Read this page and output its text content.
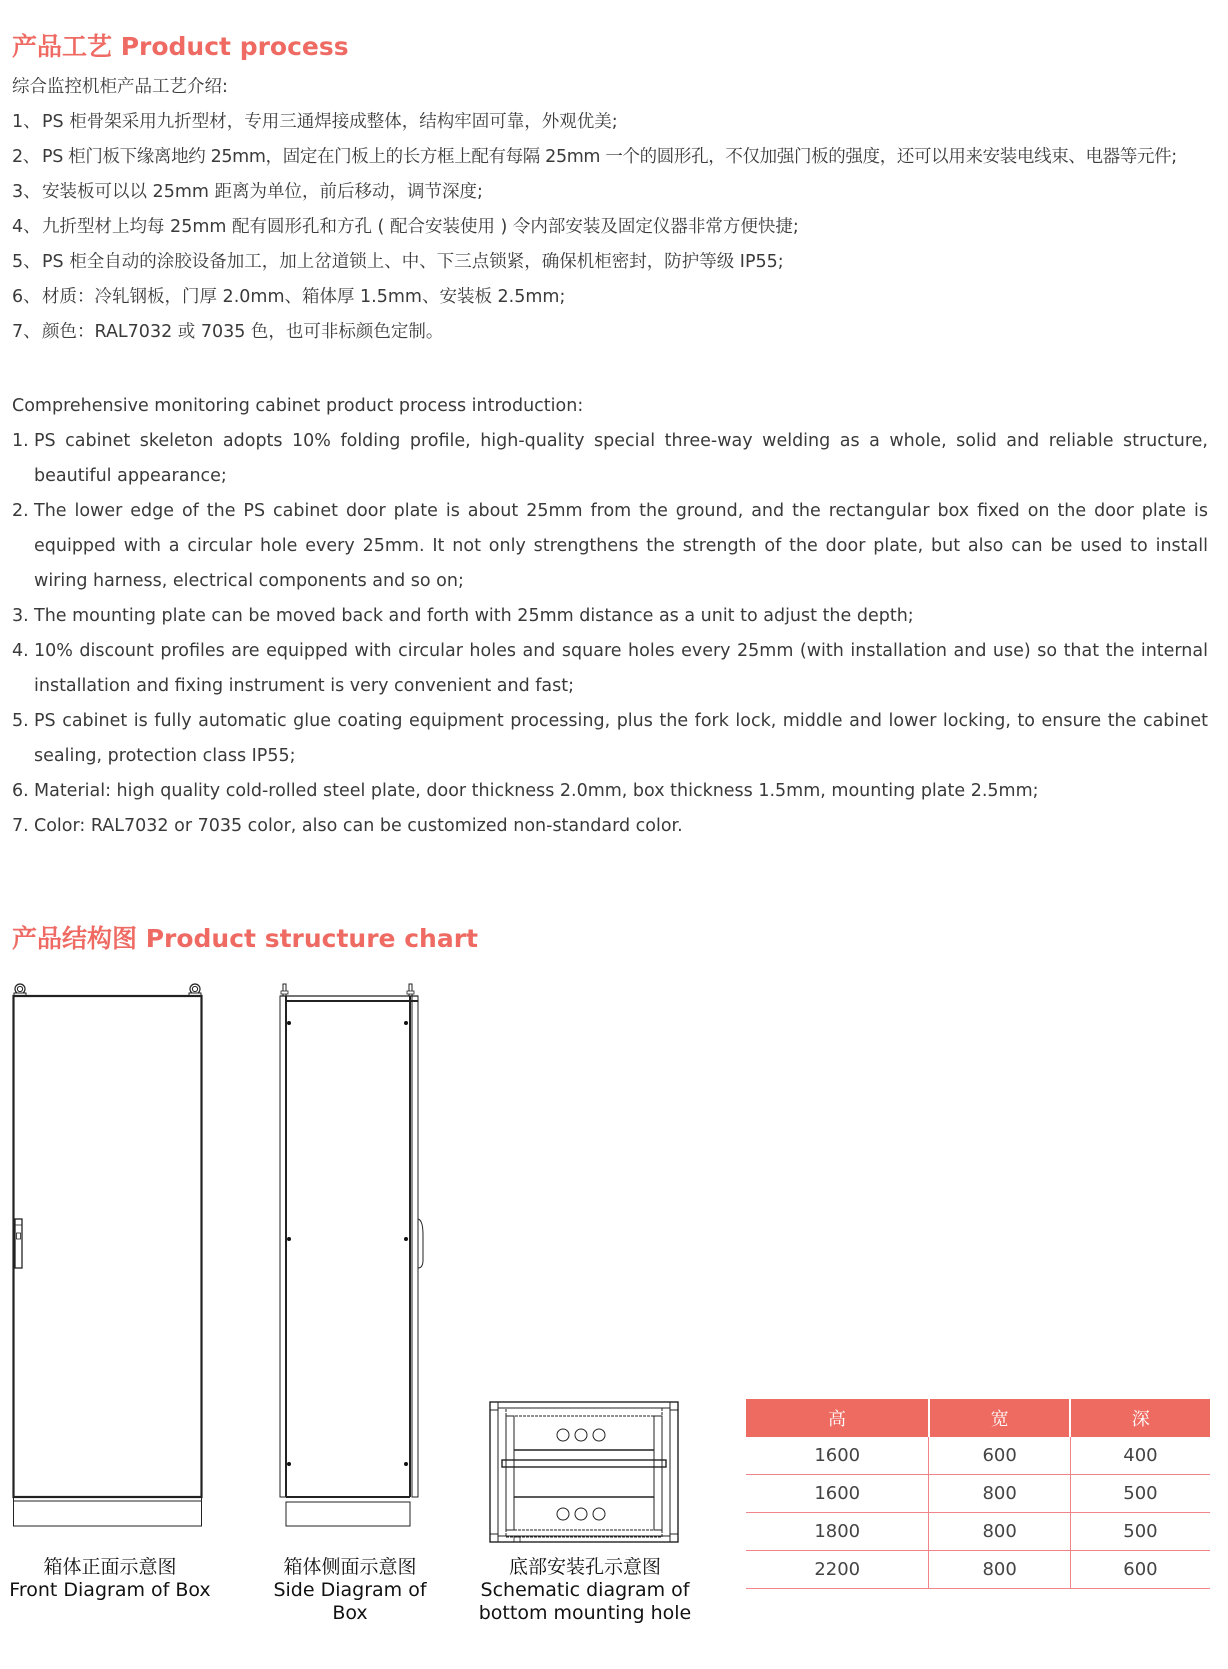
产品工艺 Product process
综合监控机柜产品工艺介绍:
1、 PS 柜骨架采用九折型材，专用三通焊接成整体，结构牢固可靠，外观优美;
2、 PS 柜门板下缘离地约 25mm，固定在门板上的长方框上配有每隔 25mm 一个的圆形孔，不仅加强门板的强度，还可以用来安装电线束、电器等元件;
3、 安装板可以以 25mm 距离为单位，前后移动，调节深度;
4、 九折型材上均每 25mm 配有圆形孔和方孔 ( 配合安装使用 ) 令内部安装及固定仪器非常方便快捷;
5、 PS 柜全自动的涂胶设备加工，加上岔道锁上、中、下三点锁紧，确保机柜密封，防护等级 IP55;
6、 材质：冷轧钢板，门厚 2.0mm、箱体厚 1.5mm、安装板 2.5mm;
7、 颜色：RAL7032 或 7035 色，也可非标颜色定制。
Comprehensive monitoring cabinet product process introduction:
1. PS cabinet skeleton adopts 10% folding profile, high-quality special three-way welding as a whole, solid and reliable structure, beautiful appearance;
2. The lower edge of the PS cabinet door plate is about 25mm from the ground, and the rectangular box fixed on the door plate is equipped with a circular hole every 25mm. It not only strengthens the strength of the door plate, but also can be used to install wiring harness, electrical components and so on;
3. The mounting plate can be moved back and forth with 25mm distance as a unit to adjust the depth;
4. 10% discount profiles are equipped with circular holes and square holes every 25mm (with installation and use) so that the internal installation and fixing instrument is very convenient and fast;
5. PS cabinet is fully automatic glue coating equipment processing, plus the fork lock, middle and lower locking, to ensure the cabinet sealing, protection class IP55;
6. Material: high quality cold-rolled steel plate, door thickness 2.0mm, box thickness 1.5mm, mounting plate 2.5mm;
7. Color: RAL7032 or 7035 color, also can be customized non-standard color.
产品结构图 Product structure chart
箱体正面示意图
Front Diagram of Box
箱体侧面示意图
Side Diagram of Box
底部安装孔示意图
Schematic diagram of
bottom mounting hole
高	宽	深
1600	600	400
1600	800	500
1800	800	500
2200	800	600
